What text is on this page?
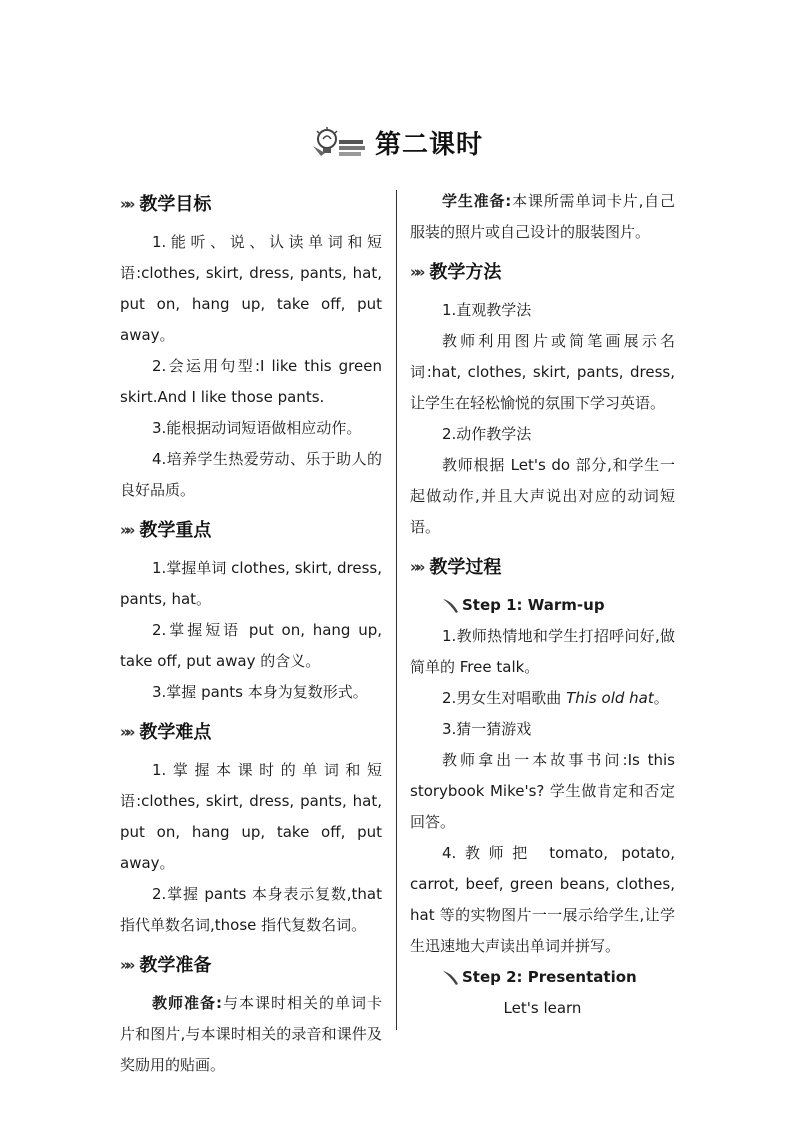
第二课时
»» 教学目标

1.能听、说、认读单词和短语:clothes, skirt, dress, pants, hat, put on, hang up, take off, put away。

2.会运用句型:I like this green skirt.And I like those pants.

3.能根据动词短语做相应动作。

4.培养学生热爱劳动、乐于助人的良好品质。

»» 教学重点

1.掌握单词 clothes, skirt, dress, pants, hat。

2.掌握短语 put on, hang up, take off, put away 的含义。

3.掌握 pants 本身为复数形式。

»» 教学难点

1.掌握本课时的单词和短语:clothes, skirt, dress, pants, hat, put on, hang up, take off, put away。

2.掌握 pants 本身表示复数,that 指代单数名词,those 指代复数名词。

»» 教学准备

教师准备:与本课时相关的单词卡片和图片,与本课时相关的录音和课件及奖励用的贴画。

学生准备:本课所需单词卡片,自己服装的照片或自己设计的服装图片。

»» 教学方法

1.直观教学法

教师利用图片或简笔画展示名词:hat, clothes, skirt, pants, dress,让学生在轻松愉悦的氛围下学习英语。

2.动作教学法

教师根据 Let's do 部分,和学生一起做动作,并且大声说出对应的动词短语。

»» 教学过程
Step 1: Warm-up

1.教师热情地和学生打招呼问好,做简单的 Free talk。

2.男女生对唱歌曲 This old hat。

3.猜一猜游戏

教师拿出一本故事书问:Is this storybook Mike's? 学生做肯定和否定回答。

4.教师把 tomato, potato, carrot, beef, green beans, clothes, hat 等的实物图片一一展示给学生,让学生迅速地大声读出单词并拼写。

Step 2: Presentation
Let's learn
